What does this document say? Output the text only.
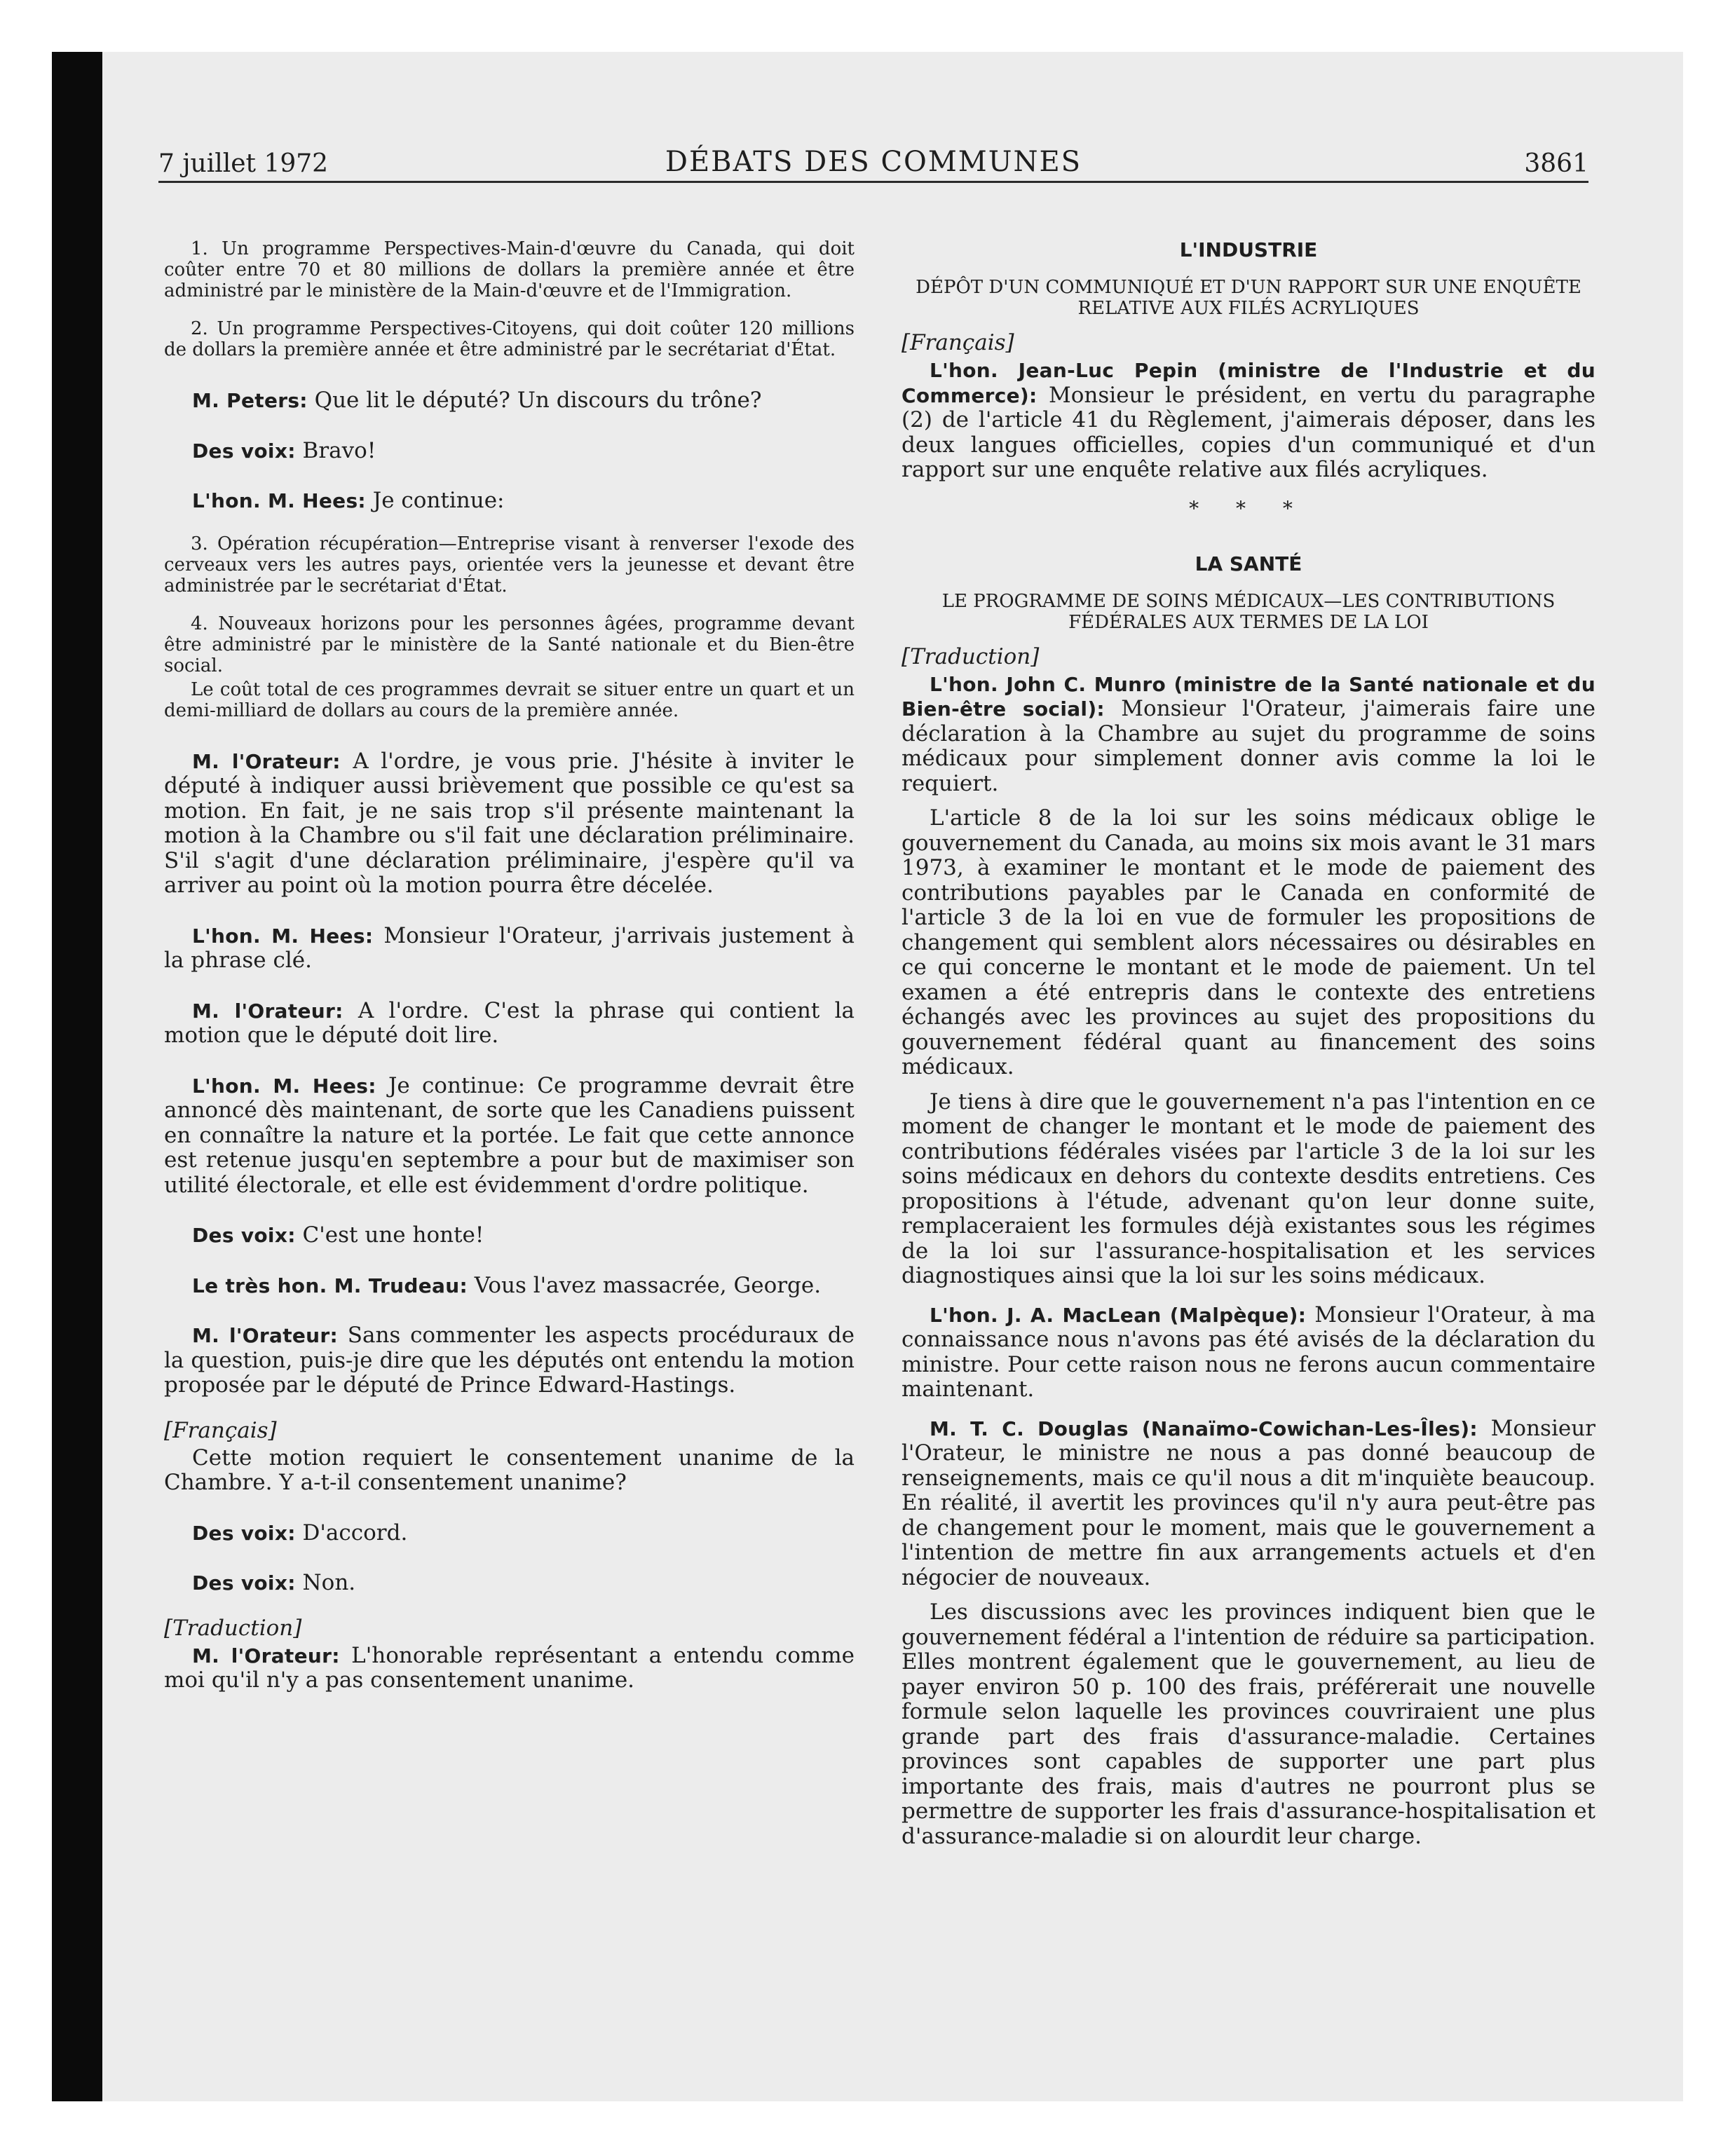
7 juillet 1972	DÉBATS DES COMMUNES	3861

1. Un programme Perspectives-Main-d'œuvre du Canada, qui doit coûter entre 70 et 80 millions de dollars la première année et être administré par le ministère de la Main-d'œuvre et de l'Immigration.

2. Un programme Perspectives-Citoyens, qui doit coûter 120 millions de dollars la première année et être administré par le secrétariat d'État.

M. Peters: Que lit le député? Un discours du trône?

Des voix: Bravo!

L'hon. M. Hees: Je continue:

3. Opération récupération—Entreprise visant à renverser l'exode des cerveaux vers les autres pays, orientée vers la jeunesse et devant être administrée par le secrétariat d'État.

4. Nouveaux horizons pour les personnes âgées, programme devant être administré par le ministère de la Santé nationale et du Bien-être social.

Le coût total de ces programmes devrait se situer entre un quart et un demi-milliard de dollars au cours de la première année.

M. l'Orateur: A l'ordre, je vous prie. J'hésite à inviter le député à indiquer aussi brièvement que possible ce qu'est sa motion. En fait, je ne sais trop s'il présente maintenant la motion à la Chambre ou s'il fait une déclaration préliminaire. S'il s'agit d'une déclaration préliminaire, j'espère qu'il va arriver au point où la motion pourra être décelée.

L'hon. M. Hees: Monsieur l'Orateur, j'arrivais justement à la phrase clé.

M. l'Orateur: A l'ordre. C'est la phrase qui contient la motion que le député doit lire.

L'hon. M. Hees: Je continue: Ce programme devrait être annoncé dès maintenant, de sorte que les Canadiens puissent en connaître la nature et la portée. Le fait que cette annonce est retenue jusqu'en septembre a pour but de maximiser son utilité électorale, et elle est évidemment d'ordre politique.

Des voix: C'est une honte!

Le très hon. M. Trudeau: Vous l'avez massacrée, George.

M. l'Orateur: Sans commenter les aspects procéduraux de la question, puis-je dire que les députés ont entendu la motion proposée par le député de Prince Edward-Hastings.

[Français]

Cette motion requiert le consentement unanime de la Chambre. Y a-t-il consentement unanime?

Des voix: D'accord.

Des voix: Non.

[Traduction]

M. l'Orateur: L'honorable représentant a entendu comme moi qu'il n'y a pas consentement unanime.

L'INDUSTRIE

DÉPÔT D'UN COMMUNIQUÉ ET D'UN RAPPORT SUR UNE ENQUÊTE RELATIVE AUX FILÉS ACRYLIQUES

[Français]

L'hon. Jean-Luc Pepin (ministre de l'Industrie et du Commerce): Monsieur le président, en vertu du paragraphe (2) de l'article 41 du Règlement, j'aimerais déposer, dans les deux langues officielles, copies d'un communiqué et d'un rapport sur une enquête relative aux filés acryliques.

* * *

LA SANTÉ

LE PROGRAMME DE SOINS MÉDICAUX—LES CONTRIBUTIONS FÉDÉRALES AUX TERMES DE LA LOI

[Traduction]

L'hon. John C. Munro (ministre de la Santé nationale et du Bien-être social): Monsieur l'Orateur, j'aimerais faire une déclaration à la Chambre au sujet du programme de soins médicaux pour simplement donner avis comme la loi le requiert.

L'article 8 de la loi sur les soins médicaux oblige le gouvernement du Canada, au moins six mois avant le 31 mars 1973, à examiner le montant et le mode de paiement des contributions payables par le Canada en conformité de l'article 3 de la loi en vue de formuler les propositions de changement qui semblent alors nécessaires ou désirables en ce qui concerne le montant et le mode de paiement. Un tel examen a été entrepris dans le contexte des entretiens échangés avec les provinces au sujet des propositions du gouvernement fédéral quant au financement des soins médicaux.

Je tiens à dire que le gouvernement n'a pas l'intention en ce moment de changer le montant et le mode de paiement des contributions fédérales visées par l'article 3 de la loi sur les soins médicaux en dehors du contexte desdits entretiens. Ces propositions à l'étude, advenant qu'on leur donne suite, remplaceraient les formules déjà existantes sous les régimes de la loi sur l'assurance-hospitalisation et les services diagnostiques ainsi que la loi sur les soins médicaux.

L'hon. J. A. MacLean (Malpèque): Monsieur l'Orateur, à ma connaissance nous n'avons pas été avisés de la déclaration du ministre. Pour cette raison nous ne ferons aucun commentaire maintenant.

M. T. C. Douglas (Nanaïmo-Cowichan-Les-Îles): Monsieur l'Orateur, le ministre ne nous a pas donné beaucoup de renseignements, mais ce qu'il nous a dit m'inquiète beaucoup. En réalité, il avertit les provinces qu'il n'y aura peut-être pas de changement pour le moment, mais que le gouvernement a l'intention de mettre fin aux arrangements actuels et d'en négocier de nouveaux.

Les discussions avec les provinces indiquent bien que le gouvernement fédéral a l'intention de réduire sa participation. Elles montrent également que le gouvernement, au lieu de payer environ 50 p. 100 des frais, préférerait une nouvelle formule selon laquelle les provinces couvriraient une plus grande part des frais d'assurance-maladie. Certaines provinces sont capables de supporter une part plus importante des frais, mais d'autres ne pourront plus se permettre de supporter les frais d'assurance-hospitalisation et d'assurance-maladie si on alourdit leur charge.
